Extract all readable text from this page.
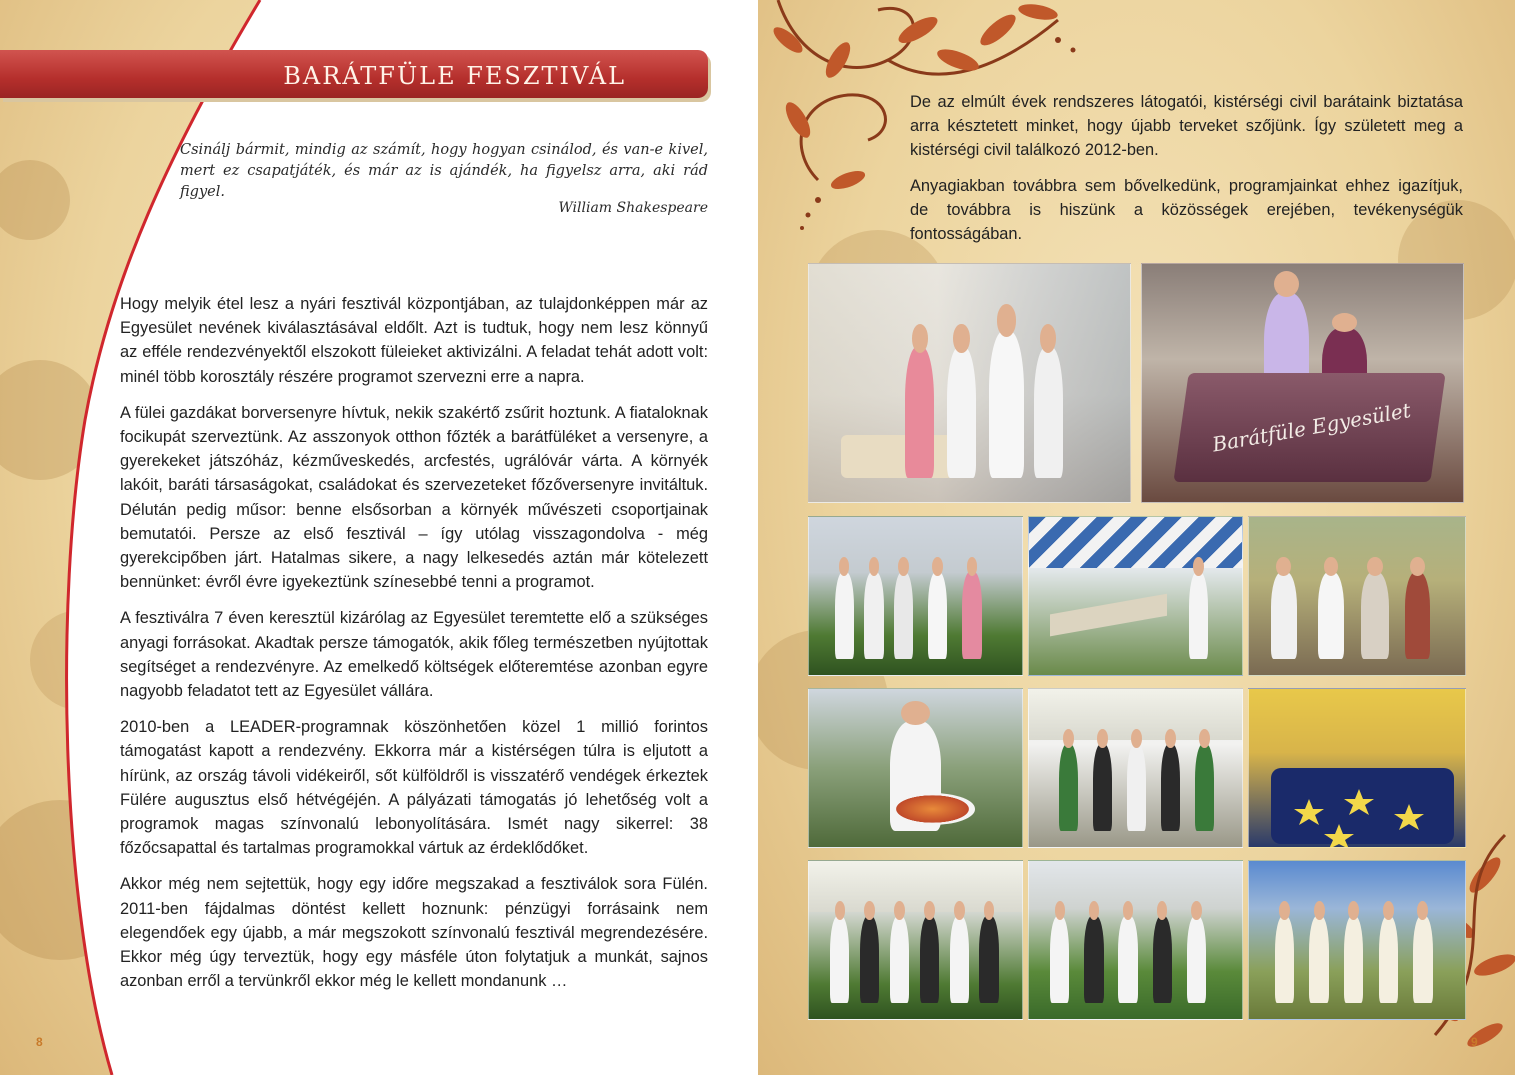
BARÁTFÜLE FESZTIVÁL
Csinálj bármit, mindig az számít, hogy hogyan csinálod, és van-e kivel, mert ez csapatjáték, és már az is ajándék, ha figyelsz arra, aki rád figyel.
William Shakespeare

Hogy melyik étel lesz a nyári fesztivál központjában, az tulajdonképpen már az Egyesület nevének kiválasztásával eldőlt. Azt is tudtuk, hogy nem lesz könnyű az efféle rendezvényektől elszokott füleieket aktivizálni. A feladat tehát adott volt: minél több korosztály részére programot szervezni erre a napra.

A fülei gazdákat borversenyre hívtuk, nekik szakértő zsűrit hoztunk. A fiataloknak focikupát szerveztünk. Az asszonyok otthon főzték a barátfüléket a versenyre, a gyerekeket játszóház, kézműveskedés, arcfestés, ugrálóvár várta. A környék lakóit, baráti társaságokat, családokat és szervezeteket főzőversenyre invitáltuk. Délután pedig műsor: benne elsősorban a környék művészeti csoportjainak bemutatói. Persze az első fesztivál – így utólag visszagondolva - még gyerekcipőben járt. Hatalmas sikere, a nagy lelkesedés aztán már kötelezett bennünket: évről évre igyekeztünk színesebbé tenni a programot.

A fesztiválra 7 éven keresztül kizárólag az Egyesület teremtette elő a szükséges anyagi forrásokat. Akadtak persze támogatók, akik főleg természetben nyújtottak segítséget a rendezvényre. Az emelkedő költségek előteremtése azonban egyre nagyobb feladatot tett az Egyesület vállára.

2010-ben a LEADER-programnak köszönhetően közel 1 millió forintos támogatást kapott a rendezvény. Ekkorra már a kistérségen túlra is eljutott a hírünk, az ország távoli vidékeiről, sőt külföldről is visszatérő vendégek érkeztek Fülére augusztus első hétvégéjén. A pályázati támogatás jó lehetőség volt a programok magas színvonalú lebonyolítására. Ismét nagy sikerrel: 38 főzőcsapattal és tartalmas programokkal vártuk az érdeklődőket.

Akkor még nem sejtettük, hogy egy időre megszakad a fesztiválok sora Fülén. 2011-ben fájdalmas döntést kellett hoznunk: pénzügyi forrásaink nem elegendőek egy újabb, a már megszokott színvonalú fesztivál megrendezésére. Ekkor még úgy terveztük, hogy egy másféle úton folytatjuk a munkát, sajnos azonban erről a tervünkről ekkor még le kellett mondanunk …

8

De az elmúlt évek rendszeres látogatói, kistérségi civil barátaink biztatása arra késztetett minket, hogy újabb terveket szőjünk. Így született meg a kistérségi civil találkozó 2012-ben.

Anyagiakban továbbra sem bővelkedünk, programjainkat ehhez igazítjuk, de továbbra is hiszünk a közösségek erejében, tevékenységük fontosságában.

Barátfüle Egyesület
9
